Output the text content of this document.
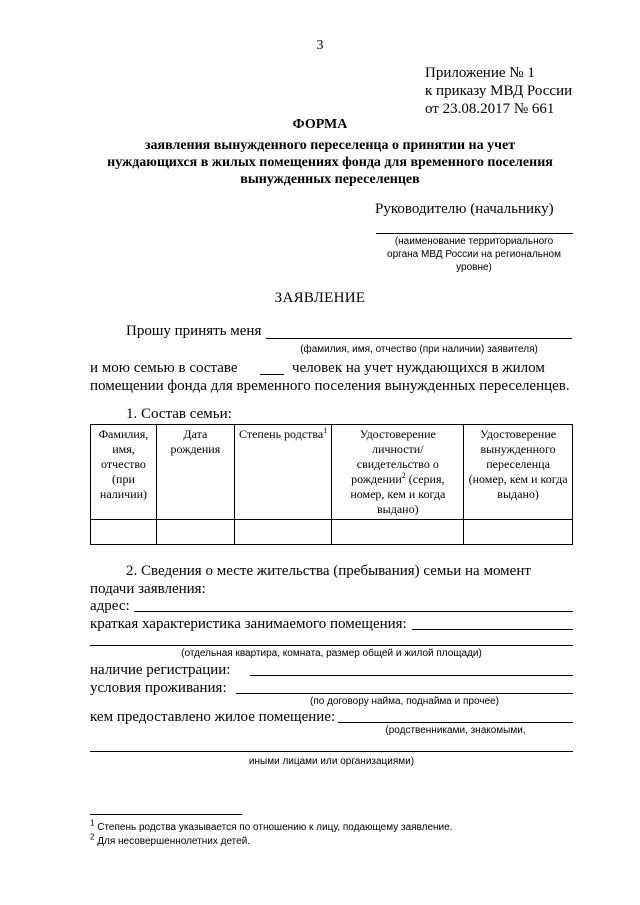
3
Приложение № 1
к приказу МВД России
от 23.08.2017 № 661
ФОРМА
заявления вынужденного переселенца о принятии на учет
нуждающихся в жилых помещениях фонда для временного поселения
вынужденных переселенцев
Руководителю (начальнику)
(наименование территориального
органа МВД России на региональном
уровне)
ЗАЯВЛЕНИЕ
Прошу принять меня
(фамилия, имя, отчество (при наличии) заявителя)
и мою семью в составе	человек на учет нуждающихся в жилом
помещении фонда для временного поселения вынужденных переселенцев.
1. Состав семьи:
Фамилия, имя, отчество (при наличии)	Дата рождения	Степень родства$^1$	Удостоверение личности/ свидетельство о рождении$^2$ (серия, номер, кем и когда выдано)	Удостоверение вынужденного переселенца (номер, кем и когда выдано)

2. Сведения о месте жительства (пребывания) семьи на момент
подачи заявления:
адрес:
краткая характеристика занимаемого помещения:
(отдельная квартира, комната, размер общей и жилой площади)
наличие регистрации:
условия проживания:
(по договору найма, поднайма и прочее)
кем предоставлено жилое помещение:
(родственниками, знакомыми,
иными лицами или организациями)
$^1$ Степень родства указывается по отношению к лицу, подающему заявление.
$^2$ Для несовершеннолетних детей.
